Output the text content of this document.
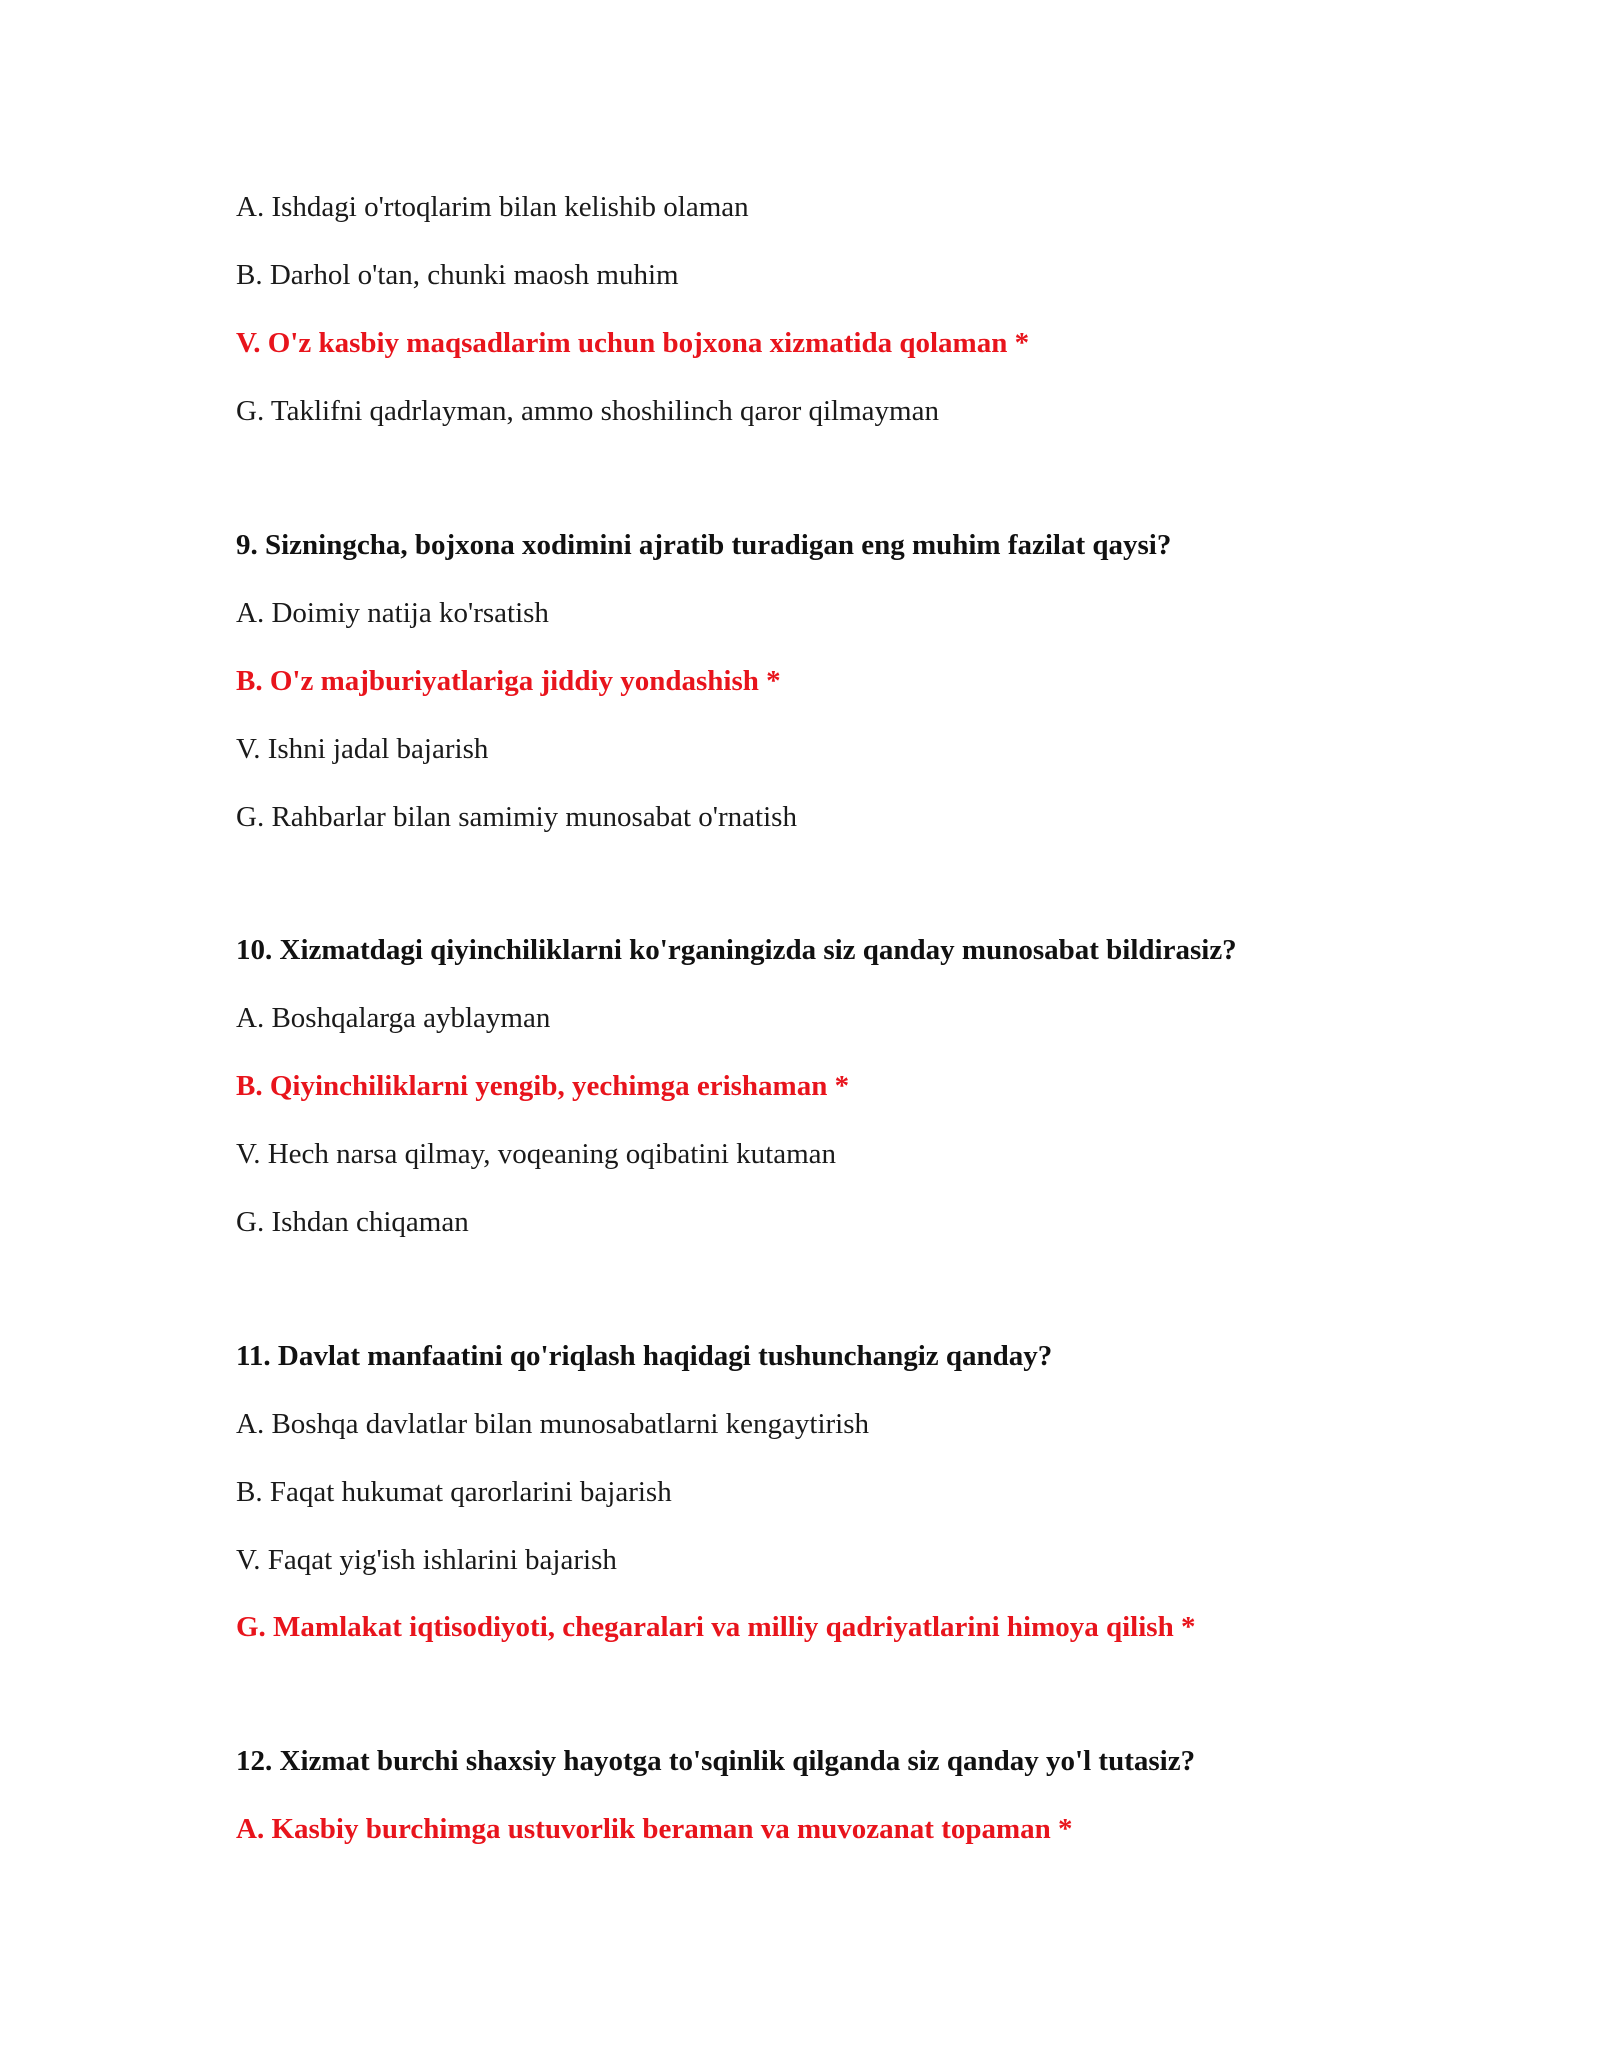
A. Ishdagi o'rtoqlarim bilan kelishib olaman
B. Darhol o'tan, chunki maosh muhim
V. O'z kasbiy maqsadlarim uchun bojxona xizmatida qolaman *
G. Taklifni qadrlayman, ammo shoshilinch qaror qilmayman
9. Sizningcha, bojxona xodimini ajratib turadigan eng muhim fazilat qaysi?
A. Doimiy natija ko'rsatish
B. O'z majburiyatlariga jiddiy yondashish *
V. Ishni jadal bajarish
G. Rahbarlar bilan samimiy munosabat o'rnatish
10. Xizmatdagi qiyinchiliklarni ko'rganingizda siz qanday munosabat bildirasiz?
A. Boshqalarga ayblayman
B. Qiyinchiliklarni yengib, yechimga erishaman *
V. Hech narsa qilmay, voqeaning oqibatini kutaman
G. Ishdan chiqaman
11. Davlat manfaatini qo'riqlash haqidagi tushunchangiz qanday?
A. Boshqa davlatlar bilan munosabatlarni kengaytirish
B. Faqat hukumat qarorlarini bajarish
V. Faqat yig'ish ishlarini bajarish
G. Mamlakat iqtisodiyoti, chegaralari va milliy qadriyatlarini himoya qilish *
12. Xizmat burchi shaxsiy hayotga to'sqinlik qilganda siz qanday yo'l tutasiz?
A. Kasbiy burchimga ustuvorlik beraman va muvozanat topaman *
